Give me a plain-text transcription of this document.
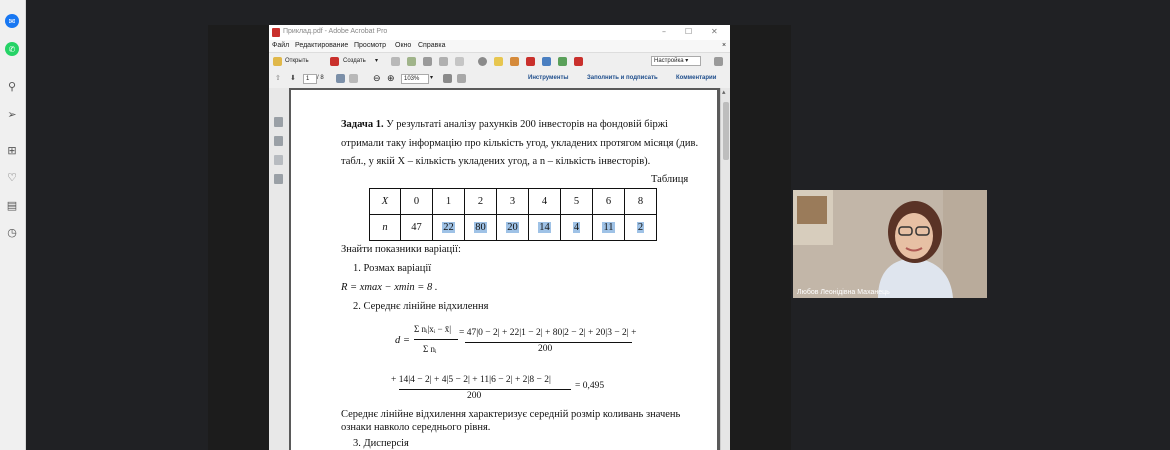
✉
✆
⚲
➢
⊞
♡
▤
◷
Приклад.pdf - Adobe Acrobat Pro	– ☐ ✕
Файл Редактирование Просмотр Окно Справка	×
Открыть	Создать ▾	Настройка ▾
⇧ ⬇	1	/ 8	⊖ ⊕	103%	▾	Инструменты	Заполнить и подписать	Комментарии
▴
Задача 1. У результаті аналізу рахунків 200 інвесторів на фондовій біржі
отримали таку інформацію про кількість угод, укладених протягом місяця (див.
табл., у якій X – кількість укладених угод, а n – кількість інвесторів).
Таблиця
X	0	1	2	3	4	5	6	8
n	47	22	80	20	14	4	11	2
Знайти показники варіації:
1. Розмах варіації
R = xmax − xmin = 8 .
2. Середнє лінійне відхилення
d =
Σ nᵢ|xᵢ − x̄|
Σ nᵢ
= 47|0 − 2| + 22|1 − 2| + 80|2 − 2| + 20|3 − 2| +
200
+ 14|4 − 2| + 4|5 − 2| + 11|6 − 2| + 2|8 − 2|
200
= 0,495
Середнє лінійне відхилення характеризує середній розмір коливань значень
ознаки навколо середнього рівня.
3. Дисперсія
Любов Леонідівна Маханець
